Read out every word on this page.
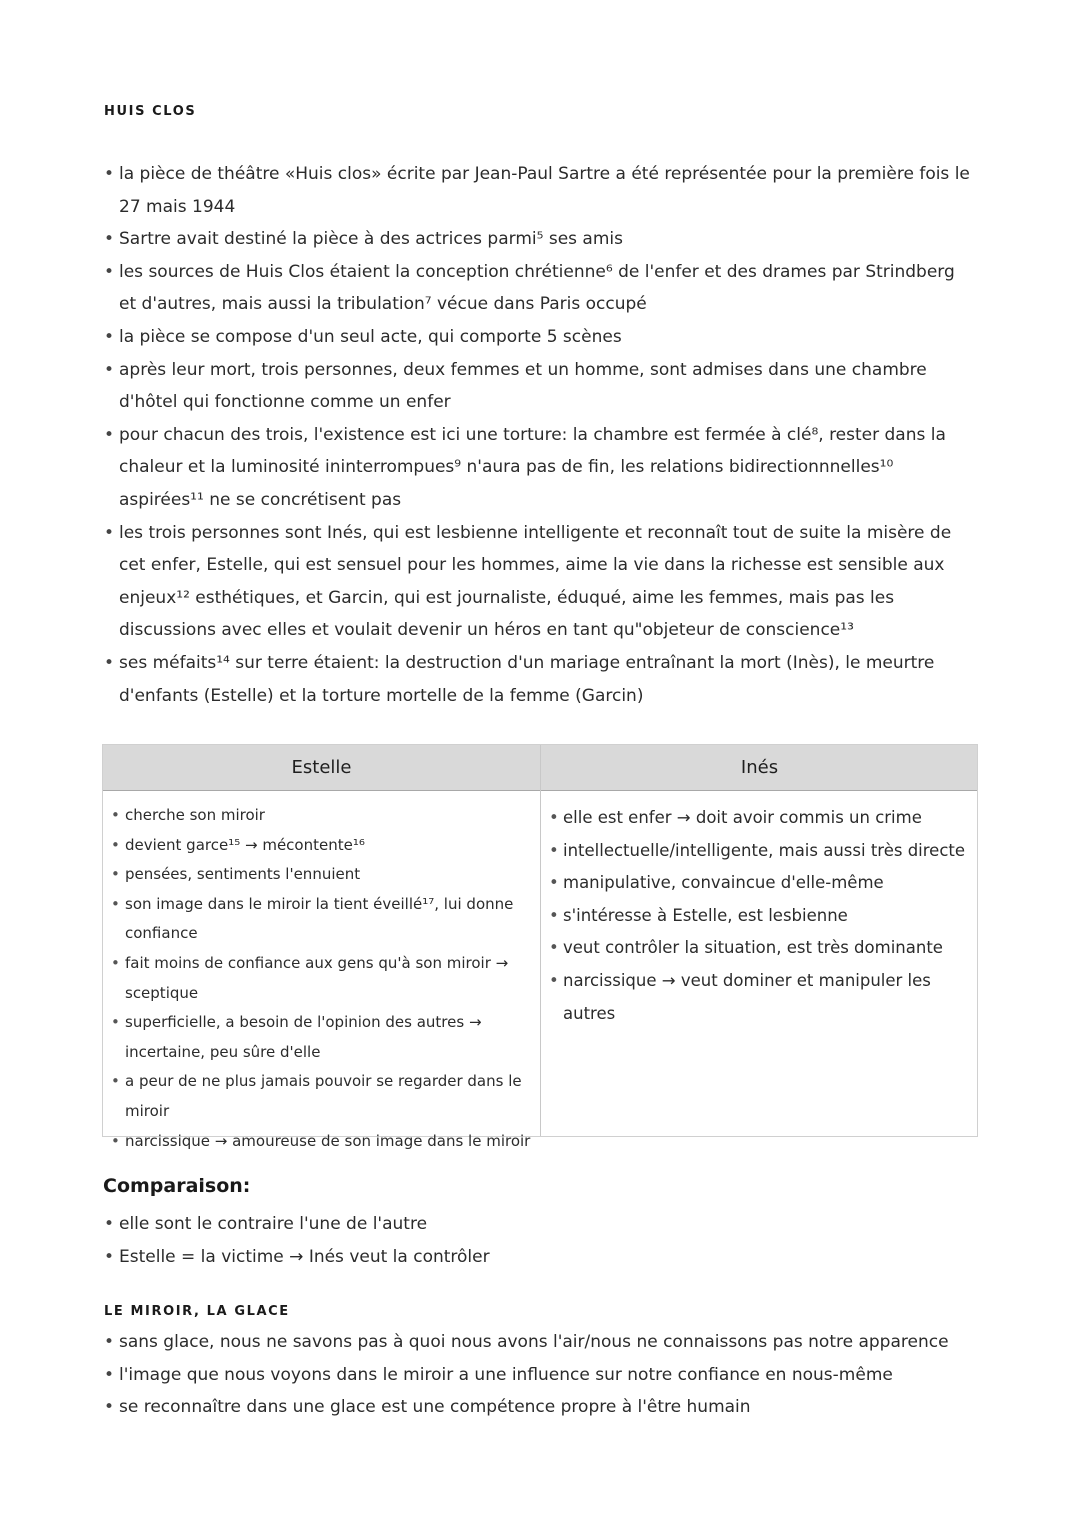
HUIS CLOS
• la pièce de théâtre «Huis clos» écrite par Jean-Paul Sartre a été représentée pour la première fois le 27 mais 1944
• Sartre avait destiné la pièce à des actrices parmi⁵ ses amis
• les sources de Huis Clos étaient la conception chrétienne⁶ de l'enfer et des drames par Strindberg et d'autres, mais aussi la tribulation⁷ vécue dans Paris occupé
• la pièce se compose d'un seul acte, qui comporte 5 scènes
• après leur mort, trois personnes, deux femmes et un homme, sont admises dans une chambre d'hôtel qui fonctionne comme un enfer
• pour chacun des trois, l'existence est ici une torture: la chambre est fermée à clé⁸, rester dans la chaleur et la luminosité ininterrompues⁹ n'aura pas de fin, les relations bidirectionnnelles¹⁰ aspirées¹¹ ne se concrétisent pas
• les trois personnes sont Inés, qui est lesbienne intelligente et reconnaît tout de suite la misère de cet enfer, Estelle, qui est sensuel pour les hommes, aime la vie dans la richesse est sensible aux enjeux¹² esthétiques, et Garcin, qui est journaliste, éduqué, aime les femmes, mais pas les discussions avec elles et voulait devenir un héros en tant qu"objeteur de conscience¹³
• ses méfaits¹⁴ sur terre étaient: la destruction d'un mariage entraînant la mort (Inès), le meurtre d'enfants (Estelle) et la torture mortelle de la femme (Garcin)
Estelle	Inés
• cherche son miroir
• devient garce¹⁵ → mécontente¹⁶
• pensées, sentiments l'ennuient
• son image dans le miroir la tient éveillé¹⁷, lui donne confiance
• fait moins de confiance aux gens qu'à son miroir → sceptique
• superficielle, a besoin de l'opinion des autres → incertaine, peu sûre d'elle
• a peur de ne plus jamais pouvoir se regarder dans le miroir
• narcissique → amoureuse de son image dans le miroir
• elle est enfer → doit avoir commis un crime
• intellectuelle/intelligente, mais aussi très directe
• manipulative, convaincue d'elle-même
• s'intéresse à Estelle, est lesbienne
• veut contrôler la situation, est très dominante
• narcissique → veut dominer et manipuler les autres
Comparaison:
• elle sont le contraire l'une de l'autre
• Estelle = la victime → Inés veut la contrôler
LE MIROIR, LA GLACE
• sans glace, nous ne savons pas à quoi nous avons l'air/nous ne connaissons pas notre apparence
• l'image que nous voyons dans le miroir a une influence sur notre confiance en nous-même
• se reconnaître dans une glace est une compétence propre à l'être humain
